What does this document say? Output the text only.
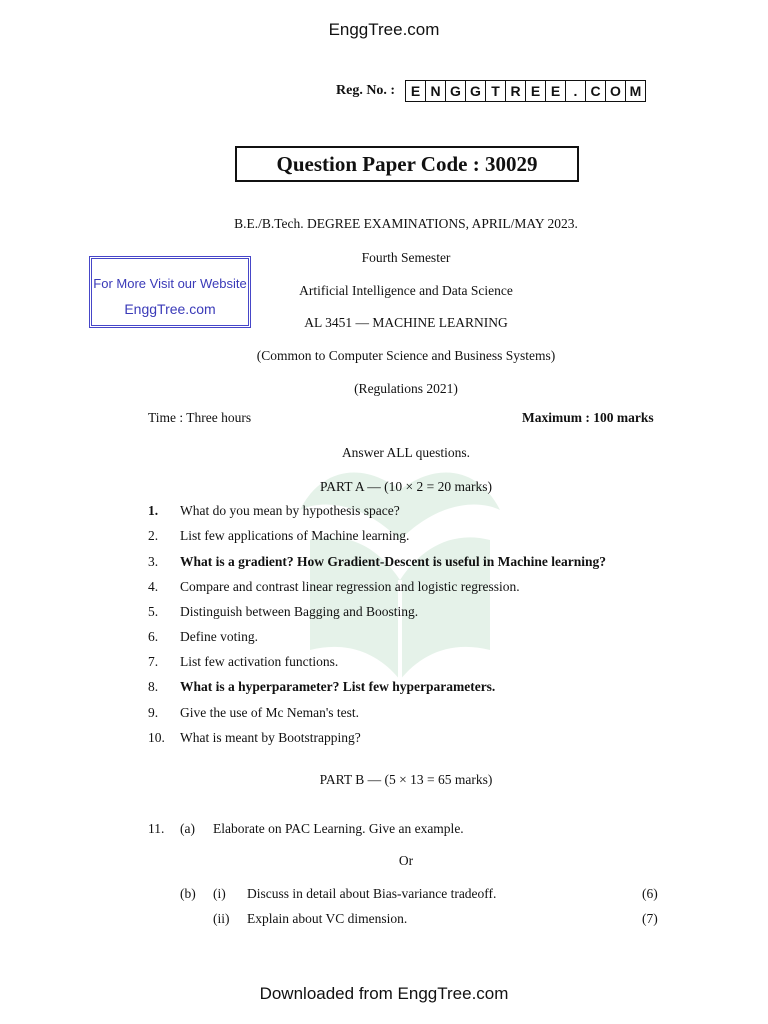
EnggTree.com
Reg. No. :	E N G G T R E E . C O M
Question Paper Code : 30029
B.E./B.Tech. DEGREE EXAMINATIONS, APRIL/MAY 2023.
Fourth Semester
Artificial Intelligence and Data Science
AL 3451 — MACHINE LEARNING
(Common to Computer Science and Business Systems)
(Regulations 2021)
For More Visit our Website
EnggTree.com
Time : Three hours	Maximum : 100 marks
Answer ALL questions.
PART A — (10 × 2 = 20 marks)
1. What do you mean by hypothesis space?
2. List few applications of Machine learning.
3. What is a gradient? How Gradient-Descent is useful in Machine learning?
4. Compare and contrast linear regression and logistic regression.
5. Distinguish between Bagging and Boosting.
6. Define voting.
7. List few activation functions.
8. What is a hyperparameter? List few hyperparameters.
9. Give the use of Mc Neman's test.
10. What is meant by Bootstrapping?
PART B — (5 × 13 = 65 marks)
11. (a) Elaborate on PAC Learning. Give an example.
Or
(b) (i) Discuss in detail about Bias-variance tradeoff.	(6)
(ii) Explain about VC dimension.	(7)
Downloaded from EnggTree.com
